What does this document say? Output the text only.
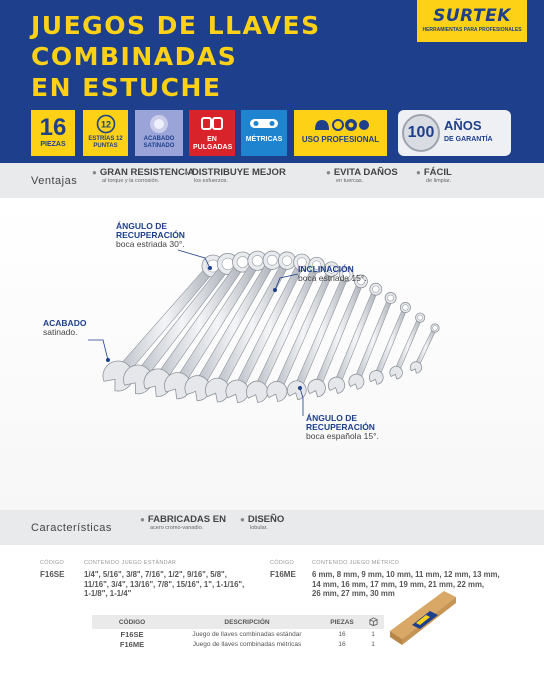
JUEGOS DE LLAVES
COMBINADAS
EN ESTUCHE
SURTEK
HERRAMIENTAS PARA PROFESIONALES
16
PIEZAS
12
ESTRÍAS 12 PUNTAS
ACABADO SATINADO
EN PULGADAS
MÉTRICAS	USO PROFESIONAL	100 AÑOS
DE GARANTÍA
Ventajas
● GRAN RESISTENCIA
al torque y la corrosión.
● DISTRIBUYE MEJOR
los esfuerzos.
● EVITA DAÑOS
en tuercas.
● FÁCIL
de limpiar.
ÁNGULO DE RECUPERACIÓN
boca estriada 30°.
INCLINACIÓN
boca estriada 15°.
ACABADO
satinado.
ÁNGULO DE RECUPERACIÓN
boca española 15°.
Características
● FABRICADAS EN
acero cromo-vanadio.
● DISEÑO
lobular.
CÓDIGO	CONTENIDO JUEGO ESTÁNDAR
F16SE	1/4", 5/16", 3/8", 7/16", 1/2", 9/16", 5/8",
11/16", 3/4", 13/16", 7/8", 15/16", 1", 1-1/16",
1-1/8", 1-1/4"
CÓDIGO	CONTENIDO JUEGO MÉTRICO
F16ME 6 mm, 8 mm, 9 mm, 10 mm, 11 mm, 12 mm, 13 mm,
14 mm, 16 mm, 17 mm, 19 mm, 21 mm, 22 mm,
26 mm, 27 mm, 30 mm
CÓDIGO	DESCRIPCIÓN	PIEZAS	
F16SE	Juego de llaves combinadas estándar	16	1
F16ME	Juego de llaves combinadas métricas	16	1
